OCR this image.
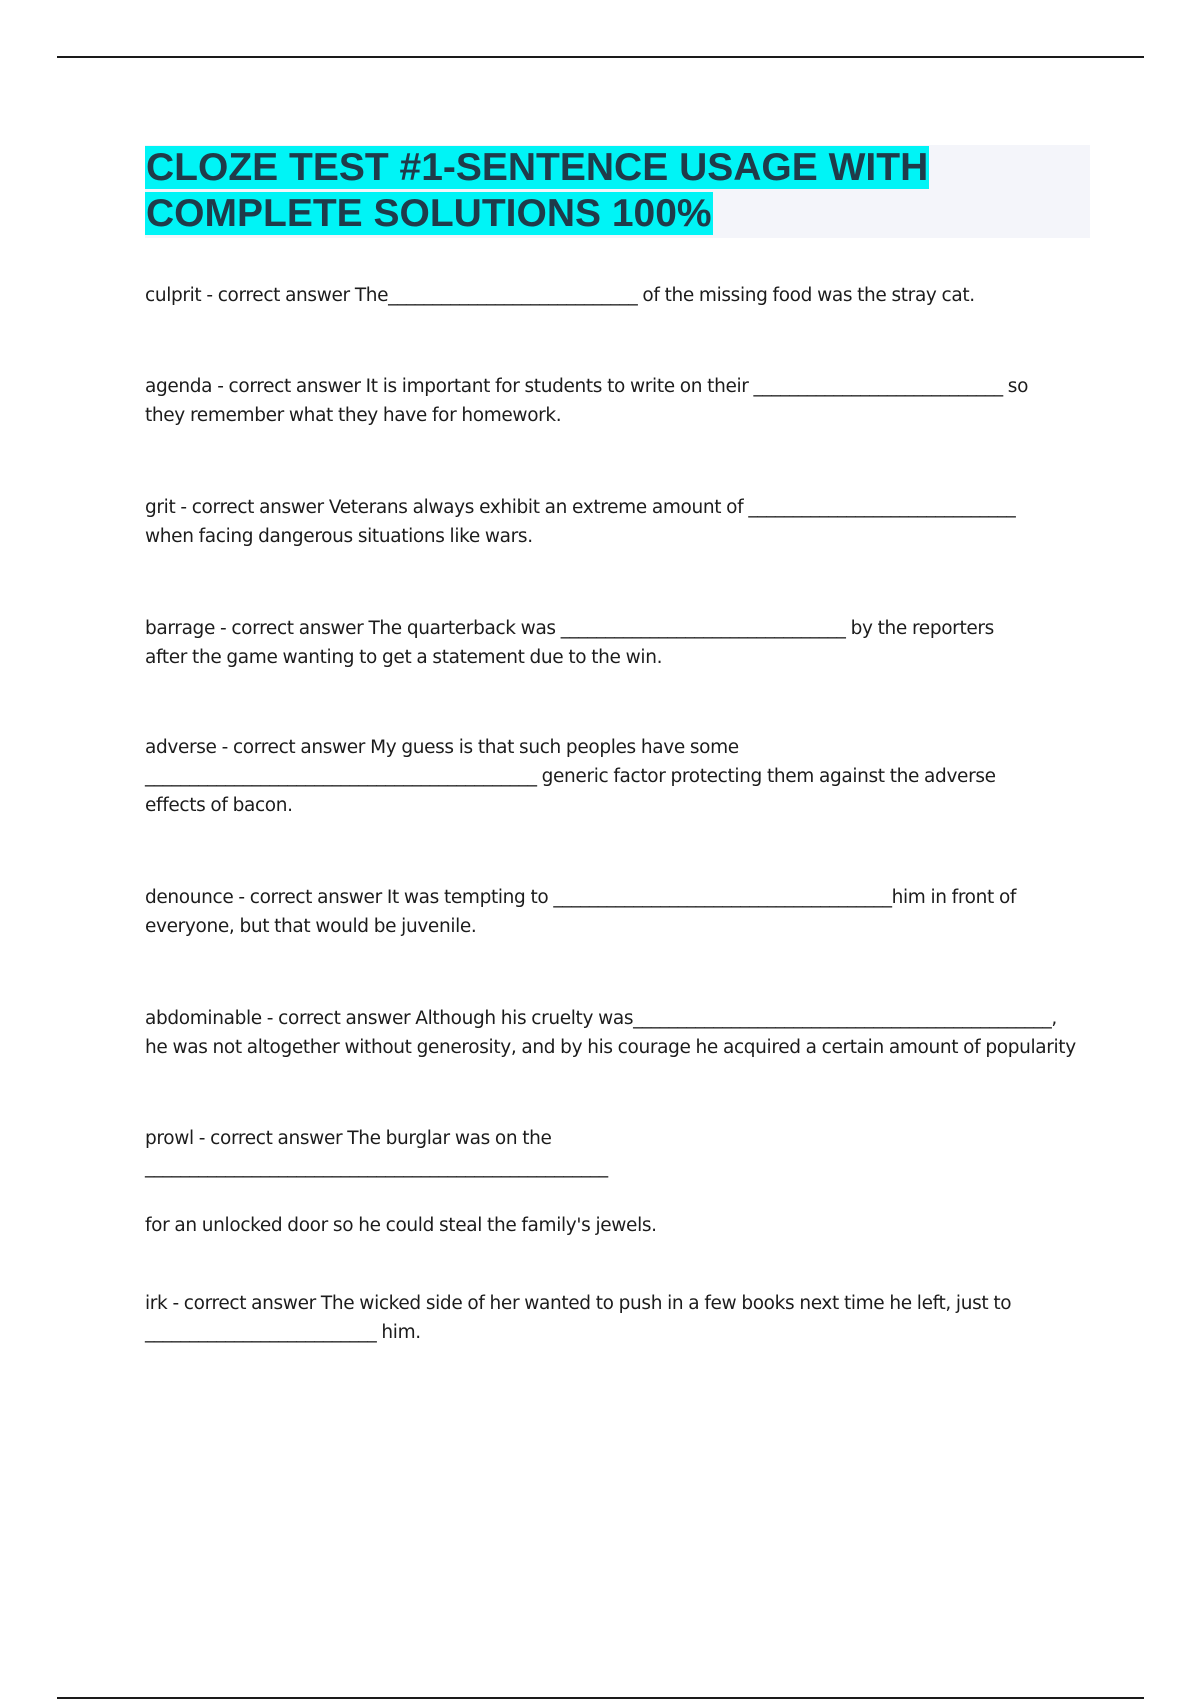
CLOZE TEST #1-SENTENCE USAGE WITH
COMPLETE SOLUTIONS 100%

culprit - correct answer The____________________________ of the missing food was the stray cat.

agenda - correct answer It is important for students to write on their ____________________________ so

they remember what they have for homework.

grit - correct answer Veterans always exhibit an extreme amount of ______________________________

when facing dangerous situations like wars.

barrage - correct answer The quarterback was ________________________________ by the reporters

after the game wanting to get a statement due to the win.

adverse - correct answer My guess is that such peoples have some

____________________________________________ generic factor protecting them against the adverse

effects of bacon.

denounce - correct answer It was tempting to ______________________________________him in front of

everyone, but that would be juvenile.

abdominable - correct answer Although his cruelty was_______________________________________________,

he was not altogether without generosity, and by his courage he acquired a certain amount of popularity

prowl - correct answer The burglar was on the

____________________________________________________

for an unlocked door so he could steal the family's jewels.

irk - correct answer The wicked side of her wanted to push in a few books next time he left, just to

__________________________ him.
